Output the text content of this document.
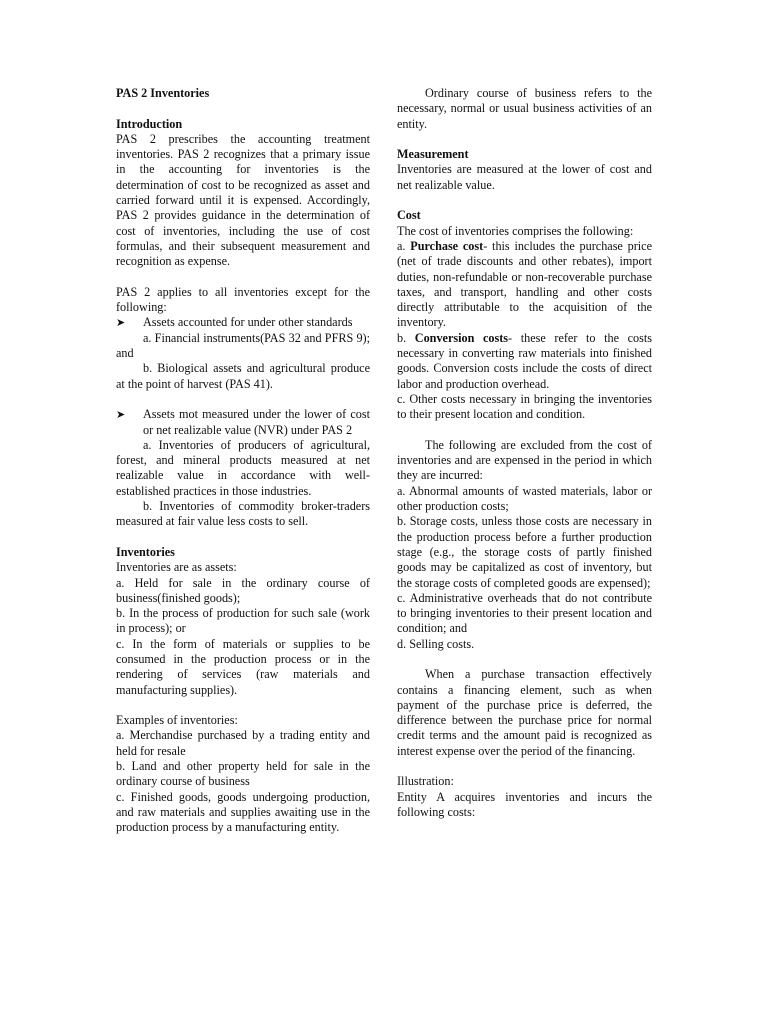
PAS 2 Inventories

Introduction

PAS 2 prescribes the accounting treatment inventories. PAS 2 recognizes that a primary issue in the accounting for inventories is the determination of cost to be recognized as asset and carried forward until it is expensed. Accordingly, PAS 2 provides guidance in the determination of cost of inventories, including the use of cost formulas, and their subsequent measurement and recognition as expense.

PAS 2 applies to all inventories except for the following:

➤ Assets accounted for under other standards

a. Financial instruments(PAS 32 and PFRS 9); and

b. Biological assets and agricultural produce at the point of harvest (PAS 41).

➤ Assets mot measured under the lower of cost or net realizable value (NVR) under PAS 2

a. Inventories of producers of agricultural, forest, and mineral products measured at net realizable value in accordance with well-established practices in those industries.

b. Inventories of commodity broker-traders measured at fair value less costs to sell.

Inventories

Inventories are as assets:

a. Held for sale in the ordinary course of business(finished goods);

b. In the process of production for such sale (work in process); or

c. In the form of materials or supplies to be consumed in the production process or in the rendering of services (raw materials and manufacturing supplies).

Examples of inventories:

a. Merchandise purchased by a trading entity and held for resale

b. Land and other property held for sale in the ordinary course of business

c. Finished goods, goods undergoing production, and raw materials and supplies awaiting use in the production process by a manufacturing entity.

Ordinary course of business refers to the necessary, normal or usual business activities of an entity.

Measurement

Inventories are measured at the lower of cost and net realizable value.

Cost

The cost of inventories comprises the following:

a. Purchase cost- this includes the purchase price (net of trade discounts and other rebates), import duties, non-refundable or non-recoverable purchase taxes, and transport, handling and other costs directly attributable to the acquisition of the inventory.

b. Conversion costs- these refer to the costs necessary in converting raw materials into finished goods. Conversion costs include the costs of direct labor and production overhead.

c. Other costs necessary in bringing the inventories to their present location and condition.

The following are excluded from the cost of inventories and are expensed in the period in which they are incurred:

a. Abnormal amounts of wasted materials, labor or other production costs;

b. Storage costs, unless those costs are necessary in the production process before a further production stage (e.g., the storage costs of partly finished goods may be capitalized as cost of inventory, but the storage costs of completed goods are expensed);

c. Administrative overheads that do not contribute to bringing inventories to their present location and condition; and

d. Selling costs.

When a purchase transaction effectively contains a financing element, such as when payment of the purchase price is deferred, the difference between the purchase price for normal credit terms and the amount paid is recognized as interest expense over the period of the financing.

Illustration:

Entity A acquires inventories and incurs the following costs:
